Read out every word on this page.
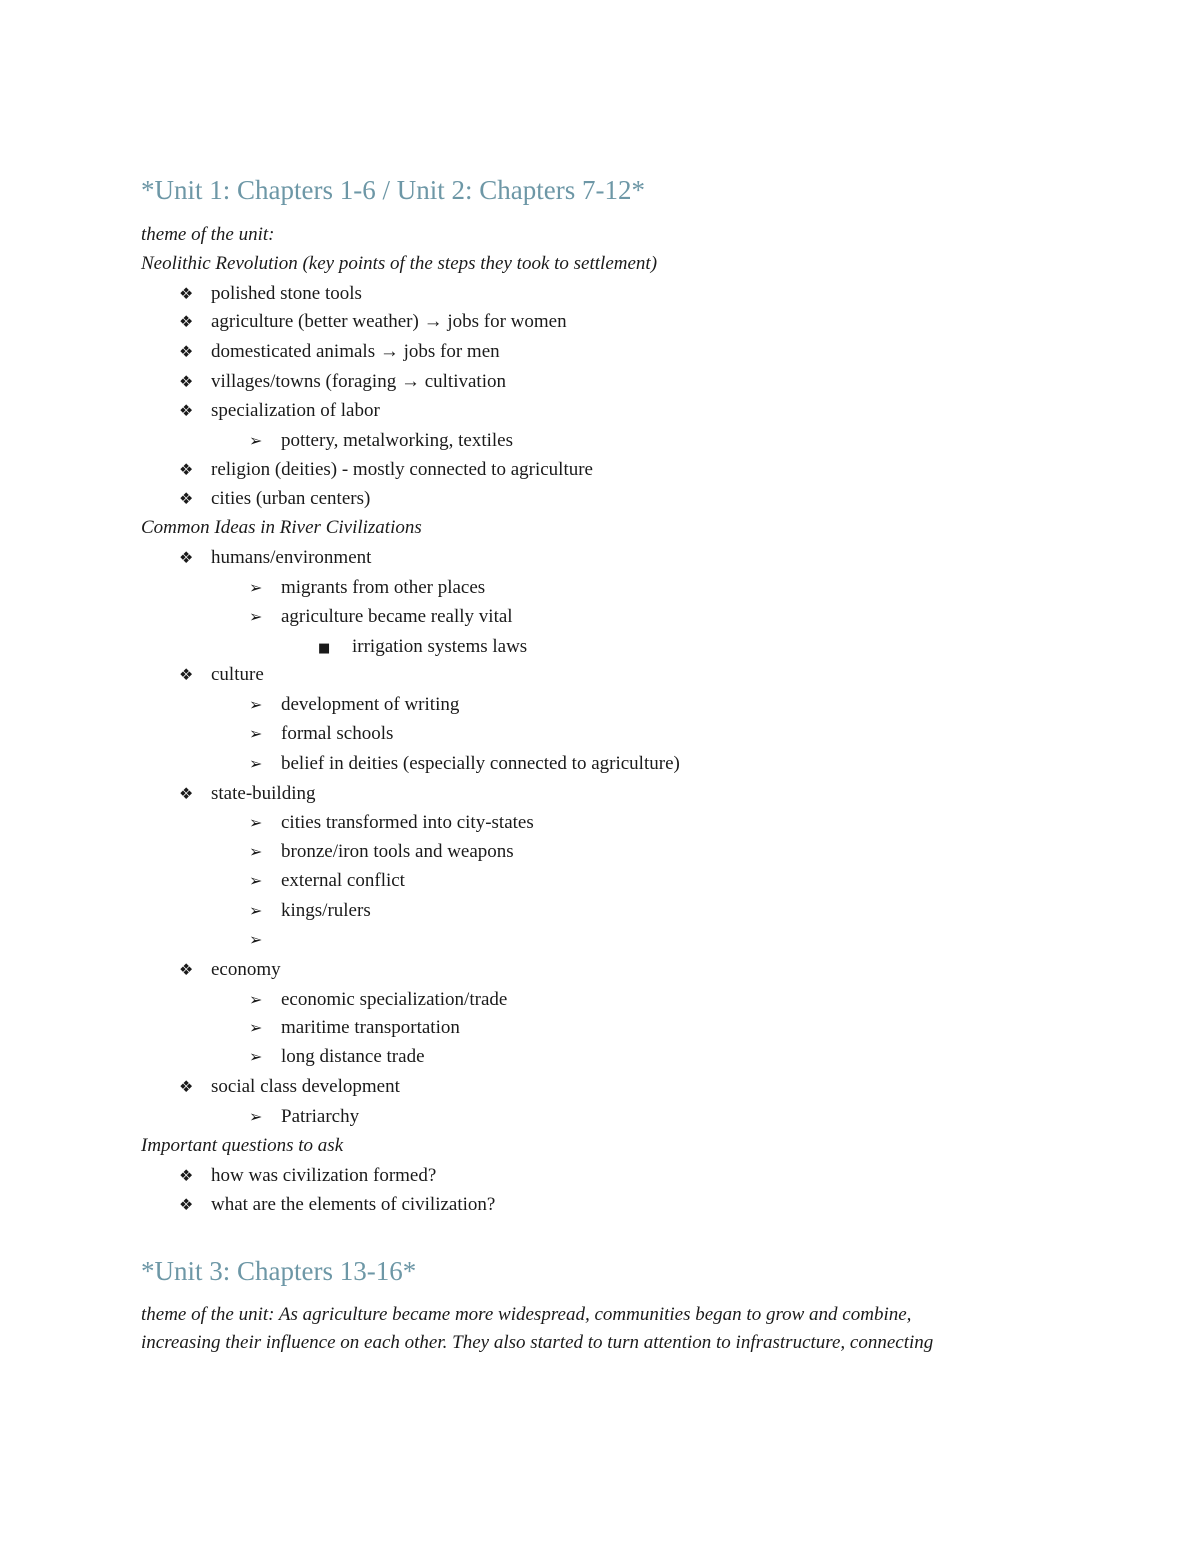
*Unit 1: Chapters 1-6 / Unit 2: Chapters 7-12*
theme of the unit:
Neolithic Revolution (key points of the steps they took to settlement)
❖ polished stone tools
❖ agriculture (better weather) → jobs for women
❖ domesticated animals → jobs for men
❖ villages/towns (foraging → cultivation
❖ specialization of labor
➢ pottery, metalworking, textiles
❖ religion (deities) - mostly connected to agriculture
❖ cities (urban centers)
Common Ideas in River Civilizations
❖ humans/environment
➢ migrants from other places
➢ agriculture became really vital
■ irrigation systems laws
❖ culture
➢ development of writing
➢ formal schools
➢ belief in deities (especially connected to agriculture)
❖ state-building
➢ cities transformed into city-states
➢ bronze/iron tools and weapons
➢ external conflict
➢ kings/rulers
➢
❖ economy
➢ economic specialization/trade
➢ maritime transportation
➢ long distance trade
❖ social class development
➢ Patriarchy
Important questions to ask
❖ how was civilization formed?
❖ what are the elements of civilization?
*Unit 3: Chapters 13-16*
theme of the unit: As agriculture became more widespread, communities began to grow and combine,
increasing their influence on each other. They also started to turn attention to infrastructure, connecting
